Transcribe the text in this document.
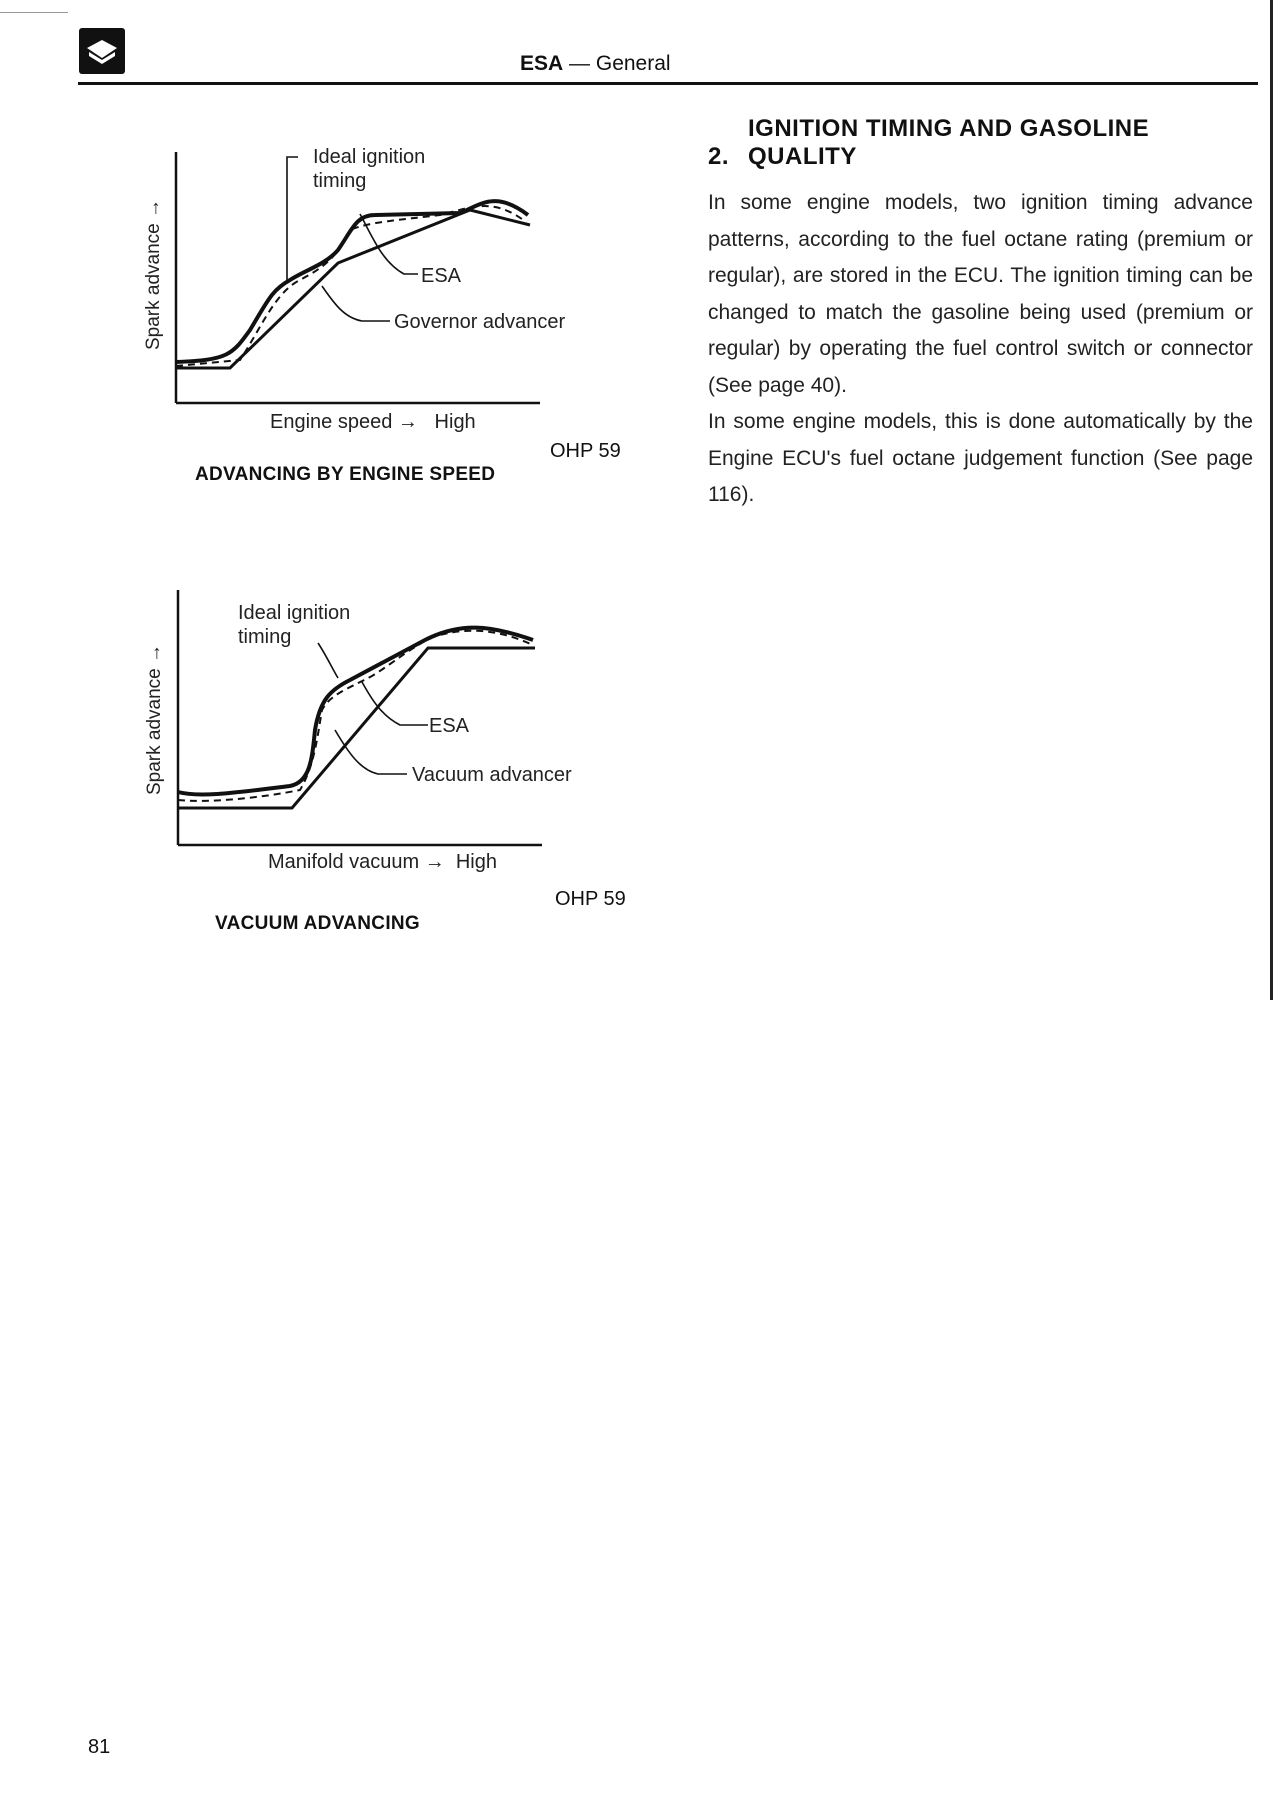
ESA — General
Spark advance →
Ideal ignition
timing
ESA
Governor advancer
Engine speed →   High
OHP 59
ADVANCING BY ENGINE SPEED
Spark advance →
Ideal ignition
timing
ESA
Vacuum advancer
Manifold vacuum →  High
OHP 59
VACUUM ADVANCING
2.IGNITION TIMING AND GASOLINE QUALITY

In some engine models, two ignition timing advance patterns, according to the fuel octane rating (premium or regular), are stored in the ECU. The ignition timing can be changed to match the gasoline being used (premium or regular) by operating the fuel control switch or connector (See page 40).

In some engine models, this is done automatically by the Engine ECU's fuel octane judgement function (See page 116).

81
